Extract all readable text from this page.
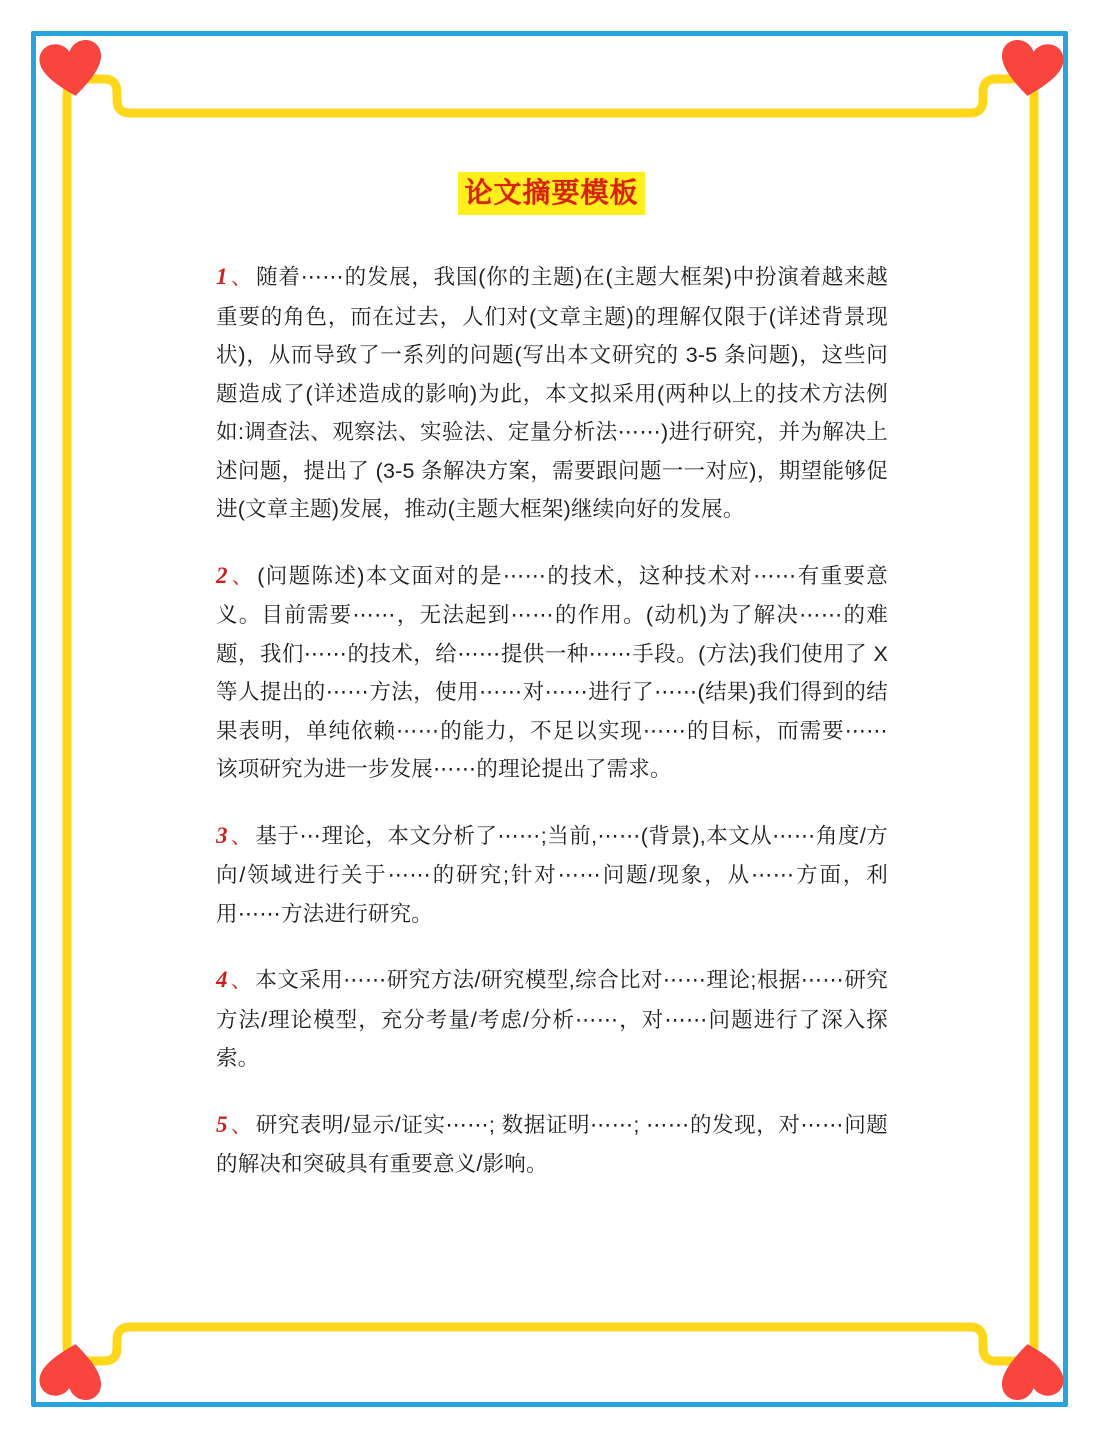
论文摘要模板

1 、 随着⋯⋯的发展，我国(你的主题)在(主题大框架)中扮演着越来越重要的角色，而在过去，人们对(文章主题)的理解仅限于(详述背景现状)，从而导致了一系列的问题(写出本文研究的 3-5 条问题)，这些问题造成了(详述造成的影响)为此，本文拟采用(两种以上的技术方法例如:调查法、观察法、实验法、定量分析法⋯⋯)进行研究，并为解决上述问题，提出了 (3-5 条解决方案，需要跟问题一一对应)，期望能够促进(文章主题)发展，推动(主题大框架)继续向好的发展。

2 、 (问题陈述)本文面对的是⋯⋯的技术，这种技术对⋯⋯有重要意义。目前需要⋯⋯，无法起到⋯⋯的作用。(动机)为了解决⋯⋯的难题，我们⋯⋯的技术，给⋯⋯提供一种⋯⋯手段。(方法)我们使用了 X 等人提出的⋯⋯方法，使用⋯⋯对⋯⋯进行了⋯⋯(结果)我们得到的结果表明，单纯依赖⋯⋯的能力，不足以实现⋯⋯的目标，而需要⋯⋯该项研究为进一步发展⋯⋯的理论提出了需求。

3 、 基于⋯理论，本文分析了⋯⋯;当前,⋯⋯(背景),本文从⋯⋯角度/方向/领域进行关于⋯⋯的研究;针对⋯⋯问题/现象，从⋯⋯方面，利用⋯⋯方法进行研究。

4 、 本文采用⋯⋯研究方法/研究模型,综合比对⋯⋯理论;根据⋯⋯研究方法/理论模型，充分考量/考虑/分析⋯⋯，对⋯⋯问题进行了深入探索。

5 、 研究表明/显示/证实⋯⋯; 数据证明⋯⋯; ⋯⋯的发现，对⋯⋯问题的解决和突破具有重要意义/影响。
